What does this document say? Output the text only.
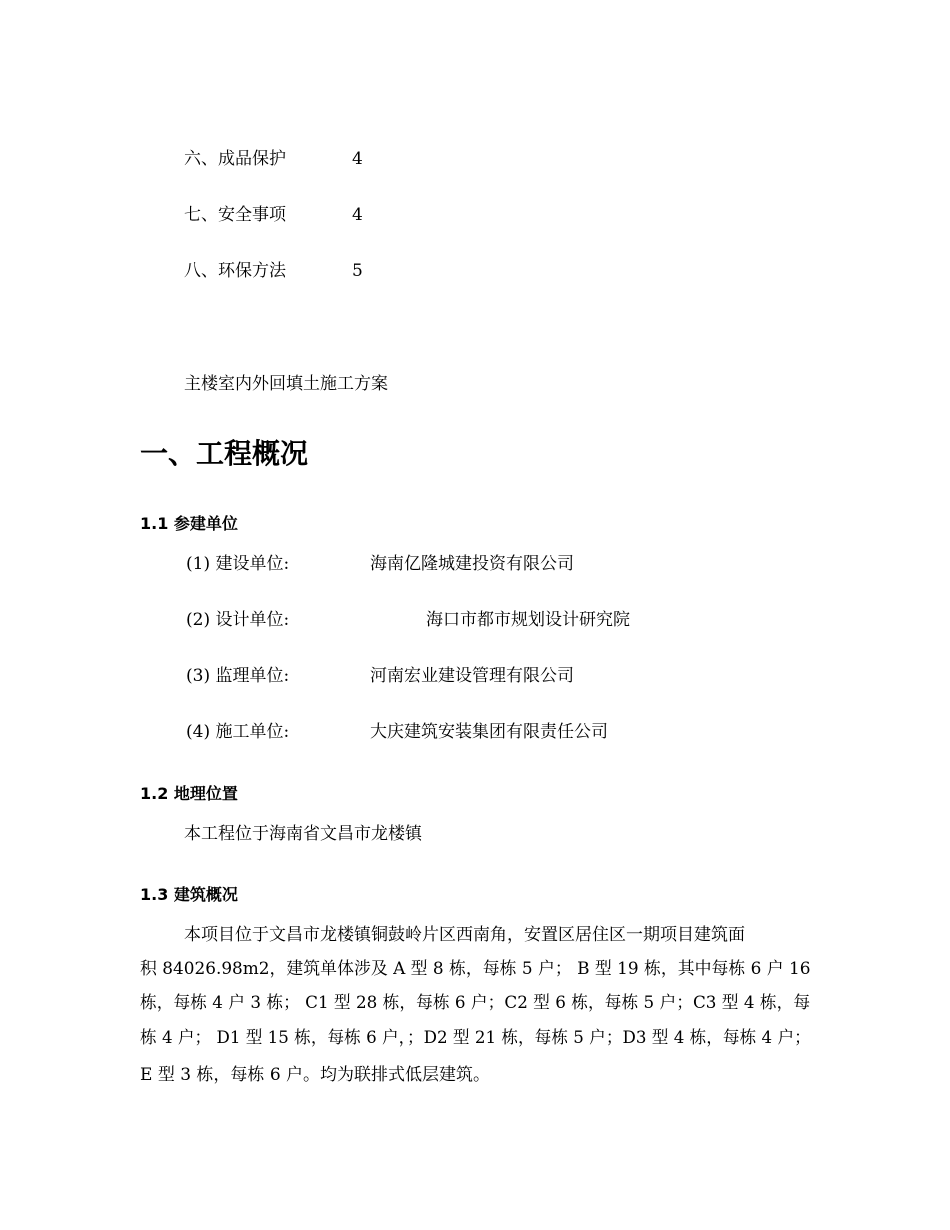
六、成品保护	4
七、安全事项	4
八、环保方法	5
主楼室内外回填土施工方案
一、工程概况
1.1 参建单位
(1) 建设单位:	海南亿隆城建投资有限公司
(2) 设计单位:	海口市都市规划设计研究院
(3) 监理单位:	河南宏业建设管理有限公司
(4) 施工单位:	大庆建筑安装集团有限责任公司
1.2 地理位置
本工程位于海南省文昌市龙楼镇
1.3 建筑概况
本项目位于文昌市龙楼镇铜鼓岭片区西南角，安置区居住区一期项目建筑面
积 84026.98m2，建筑单体涉及 A 型 8 栋，每栋 5 户； B 型 19 栋，其中每栋 6 户 16
栋，每栋 4 户 3 栋； C1 型 28 栋，每栋 6 户；C2 型 6 栋，每栋 5 户；C3 型 4 栋，每
栋 4 户； D1 型 15 栋，每栋 6 户，；D2 型 21 栋，每栋 5 户；D3 型 4 栋，每栋 4 户；
E 型 3 栋，每栋 6 户。均为联排式低层建筑。
